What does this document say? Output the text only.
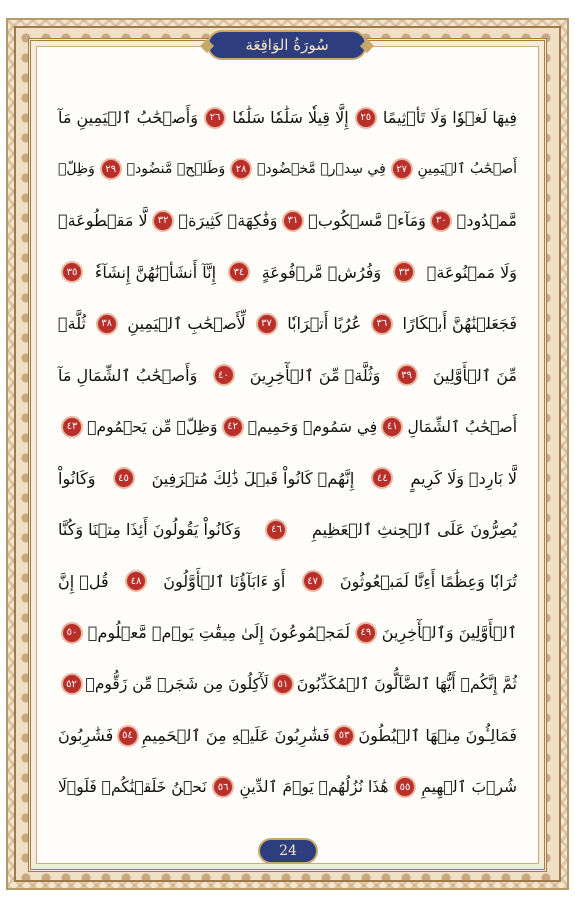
سُورَةُ الوَاقِعَة
فِيهَا لَغۡوٗا وَلَا تَأۡثِيمًا
٢٥
إِلَّا قِيلٗا سَلَٰمٗا سَلَٰمٗا
٢٦
وَأَصۡحَٰبُ ٱلۡيَمِينِ مَآ
أَصۡحَٰبُ ٱلۡيَمِينِ
٢٧
فِي سِدۡرٖ مَّخۡضُودٖ
٢٨
وَطَلۡحٖ مَّنضُودٖ
٢٩
وَظِلّٖ
مَّمۡدُودٖ
٣٠
وَمَآءٖ مَّسۡكُوبٖ
٣١
وَفَٰكِهَةٖ كَثِيرَةٖ
٣٢
لَّا مَقۡطُوعَةٖ
وَلَا مَمۡنُوعَةٖ
٣٣
وَفُرُشٖ مَّرۡفُوعَةٍ
٣٤
إِنَّآ أَنشَأۡنَٰهُنَّ إِنشَآءٗ
٣٥
فَجَعَلۡنَٰهُنَّ أَبۡكَارًا
٣٦
عُرُبًا أَتۡرَابٗا
٣٧
لِّأَصۡحَٰبِ ٱلۡيَمِينِ
٣٨
ثُلَّةٞ
مِّنَ ٱلۡأَوَّلِينَ
٣٩
وَثُلَّةٞ مِّنَ ٱلۡأٓخِرِينَ
٤٠
وَأَصۡحَٰبُ ٱلشِّمَالِ مَآ
أَصۡحَٰبُ ٱلشِّمَالِ
٤١
فِي سَمُومٖ وَحَمِيمٖ
٤٢
وَظِلّٖ مِّن يَحۡمُومٖ
٤٣
لَّا بَارِدٖ وَلَا كَرِيمٍ
٤٤
إِنَّهُمۡ كَانُواْ قَبۡلَ ذَٰلِكَ مُتۡرَفِينَ
٤٥
وَكَانُواْ
يُصِرُّونَ عَلَى ٱلۡحِنثِ ٱلۡعَظِيمِ
٤٦
وَكَانُواْ يَقُولُونَ أَئِذَا مِتۡنَا وَكُنَّا
تُرَابٗا وَعِظَٰمًا أَءِنَّا لَمَبۡعُوثُونَ
٤٧
أَوَ ءَابَآؤُنَا ٱلۡأَوَّلُونَ
٤٨
قُلۡ إِنَّ
ٱلۡأَوَّلِينَ وَٱلۡأٓخِرِينَ
٤٩
لَمَجۡمُوعُونَ إِلَىٰ مِيقَٰتِ يَوۡمٖ مَّعۡلُومٖ
٥٠
ثُمَّ إِنَّكُمۡ أَيُّهَا ٱلضَّآلُّونَ ٱلۡمُكَذِّبُونَ
٥١
لَأٓكِلُونَ مِن شَجَرٖ مِّن زَقُّومٖ
٥٢
فَمَالِـُٔونَ مِنۡهَا ٱلۡبُطُونَ
٥٣
فَشَٰرِبُونَ عَلَيۡهِ مِنَ ٱلۡحَمِيمِ
٥٤
فَشَٰرِبُونَ
شُرۡبَ ٱلۡهِيمِ
٥٥
هَٰذَا نُزُلُهُمۡ يَوۡمَ ٱلدِّينِ
٥٦
نَحۡنُ خَلَقۡنَٰكُمۡ فَلَوۡلَا
24
